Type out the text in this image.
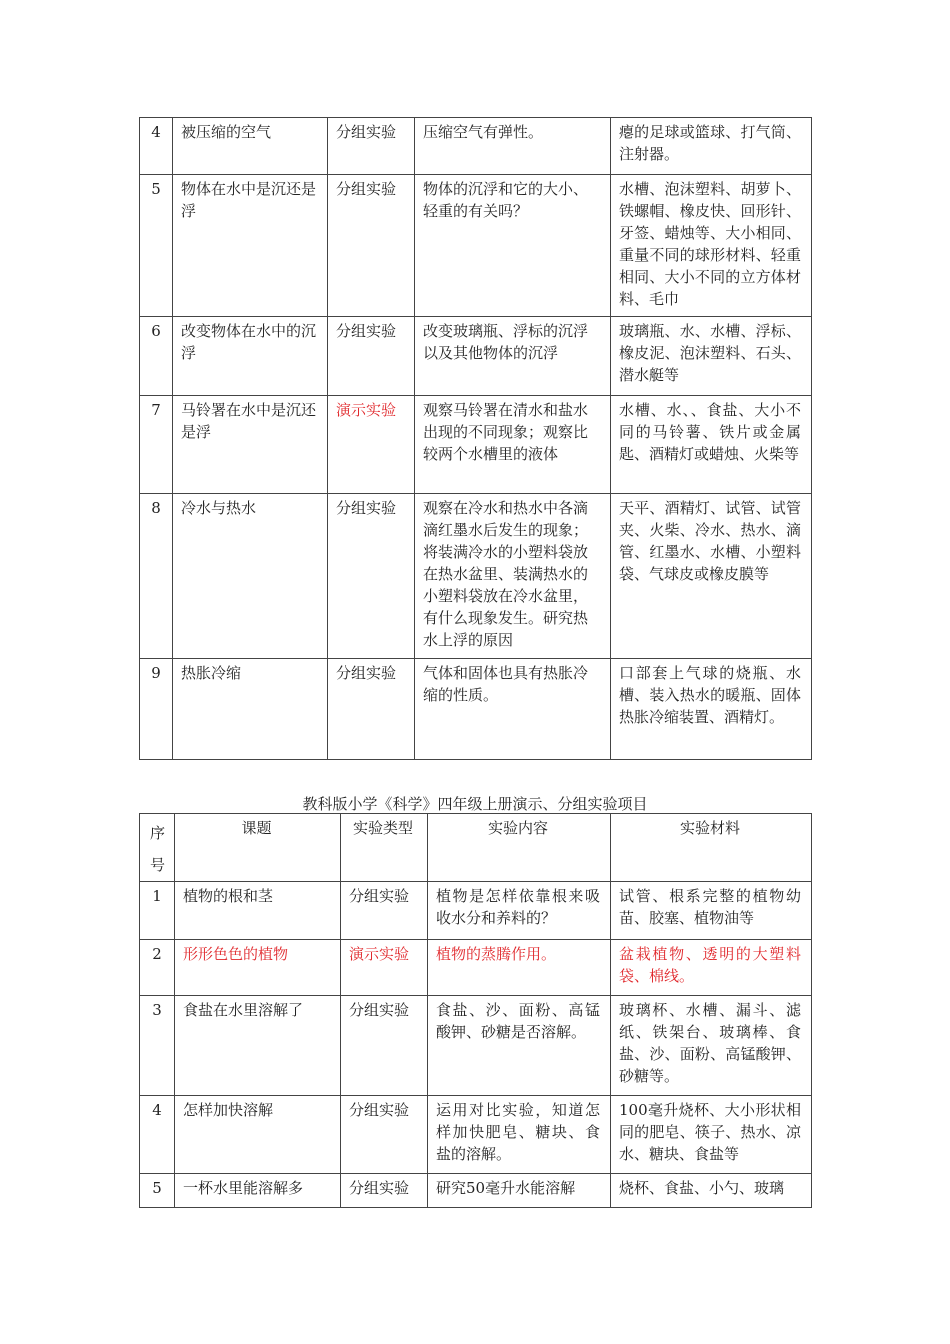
4	被压缩的空气	分组实验	压缩空气有弹性。	瘪的足球或篮球、打气筒、注射器。
5	物体在水中是沉还是浮	分组实验	物体的沉浮和它的大小、轻重的有关吗？	水槽、泡沫塑料、胡萝卜、铁螺帽、橡皮快、回形针、牙签、蜡烛等、大小相同、重量不同的球形材料、轻重相同、大小不同的立方体材料、毛巾

6	改变物体在水中的沉浮	分组实验	改变玻璃瓶、浮标的沉浮以及其他物体的沉浮	玻璃瓶、水、水槽、浮标、橡皮泥、泡沫塑料、石头、潜水艇等
7	马铃署在水中是沉还是浮	演示实验	观察马铃署在清水和盐水出现的不同现象；观察比较两个水槽里的液体	水槽、水、、食盐、大小不同的马铃薯、铁片或金属匙、酒精灯或蜡烛、火柴等
8	冷水与热水	分组实验	观察在冷水和热水中各滴滴红墨水后发生的现象；将装满冷水的小塑料袋放在热水盆里、装满热水的小塑料袋放在冷水盆里，有什么现象发生。研究热水上浮的原因	天平、酒精灯、试管、试管夹、火柴、冷水、热水、滴管、红墨水、水槽、小塑料袋、气球皮或橡皮膜等
9	热胀冷缩	分组实验	气体和固体也具有热胀冷缩的性质。	口部套上气球的烧瓶、水槽、装入热水的暖瓶、固体热胀冷缩装置、酒精灯。
教科版小学《科学》四年级上册演示、分组实验项目
序号	课题	实验类型	实验内容	实验材料
1	植物的根和茎	分组实验	植物是怎样依靠根来吸收水分和养料的？	试管、根系完整的植物幼苗、胶塞、植物油等

2	形形色色的植物	演示实验	植物的蒸腾作用。	盆栽植物、透明的大塑料袋、棉线。
3	食盐在水里溶解了	分组实验	食盐、沙、面粉、高锰酸钾、砂糖是否溶解。	玻璃杯、水槽、漏斗、滤纸、铁架台、玻璃棒、食盐、沙、面粉、高锰酸钾、砂糖等。
4	怎样加快溶解	分组实验	运用对比实验，知道怎样加快肥皂、糖块、食盐的溶解。	100毫升烧杯、大小形状相同的肥皂、筷子、热水、凉水、糖块、食盐等

5	一杯水里能溶解多	分组实验	研究50毫升水能溶解	烧杯、食盐、小勺、玻璃
